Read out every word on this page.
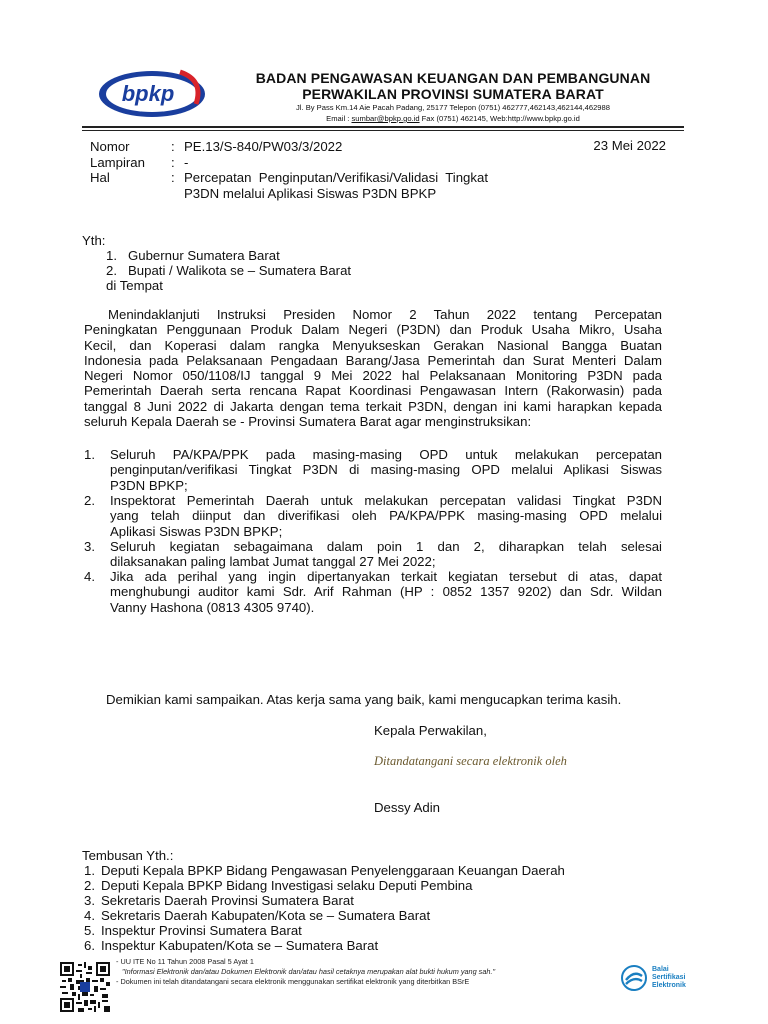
bpkp
BADAN PENGAWASAN KEUANGAN DAN PEMBANGUNAN
PERWAKILAN PROVINSI SUMATERA BARAT
Jl. By Pass Km.14 Aie Pacah Padang, 25177 Telepon (0751) 462777,462143,462144,462988
Email : sumbar@bpkp.go.id Fax (0751) 462145, Web:http://www.bpkp.go.id
Nomor	: PE.13/S-840/PW03/3/2022	23 Mei 2022
Lampiran : -
Hal	: Percepatan  Penginputan/Verifikasi/Validasi  Tingkat
P3DN melalui Aplikasi Siswas P3DN BPKP
Yth:
1. Gubernur Sumatera Barat
2. Bupati / Walikota se – Sumatera Barat
di Tempat
Menindaklanjuti Instruksi Presiden Nomor 2 Tahun 2022 tentang Percepatan
Peningkatan Penggunaan Produk Dalam Negeri (P3DN) dan Produk Usaha Mikro, Usaha
Kecil, dan Koperasi dalam rangka Menyukseskan Gerakan Nasional Bangga Buatan
Indonesia pada Pelaksanaan Pengadaan Barang/Jasa Pemerintah dan Surat Menteri Dalam
Negeri Nomor 050/1108/IJ tanggal 9 Mei 2022 hal Pelaksanaan Monitoring P3DN pada
Pemerintah Daerah serta rencana Rapat Koordinasi Pengawasan Intern (Rakorwasin) pada
tanggal 8 Juni 2022 di Jakarta dengan tema terkait P3DN, dengan ini kami harapkan kepada
seluruh Kepala Daerah se - Provinsi Sumatera Barat agar menginstruksikan:
1.	Seluruh PA/KPA/PPK pada masing-masing OPD untuk melakukan percepatan
penginputan/verifikasi Tingkat P3DN di masing-masing OPD melalui Aplikasi Siswas
P3DN BPKP;
2.	Inspektorat Pemerintah Daerah untuk melakukan percepatan validasi Tingkat P3DN
yang telah diinput dan diverifikasi oleh PA/KPA/PPK masing-masing OPD melalui
Aplikasi Siswas P3DN BPKP;
3.	Seluruh kegiatan sebagaimana dalam poin 1 dan 2, diharapkan telah selesai
dilaksanakan paling lambat Jumat tanggal 27 Mei 2022;
4.	Jika ada perihal yang ingin dipertanyakan terkait kegiatan tersebut di atas, dapat
menghubungi auditor kami Sdr. Arif Rahman (HP : 0852 1357 9202) dan Sdr. Wildan
Vanny Hashona (0813 4305 9740).
Demikian kami sampaikan. Atas kerja sama yang baik, kami mengucapkan terima kasih.
Kepala Perwakilan,
Ditandatangani secara elektronik oleh
Dessy Adin
Tembusan Yth.:
1. Deputi Kepala BPKP Bidang Pengawasan Penyelenggaraan Keuangan Daerah
2. Deputi Kepala BPKP Bidang Investigasi selaku Deputi Pembina
3. Sekretaris Daerah Provinsi Sumatera Barat
4. Sekretaris Daerah Kabupaten/Kota se – Sumatera Barat
5. Inspektur Provinsi Sumatera Barat
6. Inspektur Kabupaten/Kota se – Sumatera Barat
- UU ITE No 11 Tahun 2008 Pasal 5 Ayat 1
"Informasi Elektronik dan/atau Dokumen Elektronik dan/atau hasil cetaknya merupakan alat bukti hukum yang sah."
- Dokumen ini telah ditandatangani secara elektronik menggunakan sertifikat elektronik yang diterbitkan BSrE
Balai
Sertifikasi
Elektronik
